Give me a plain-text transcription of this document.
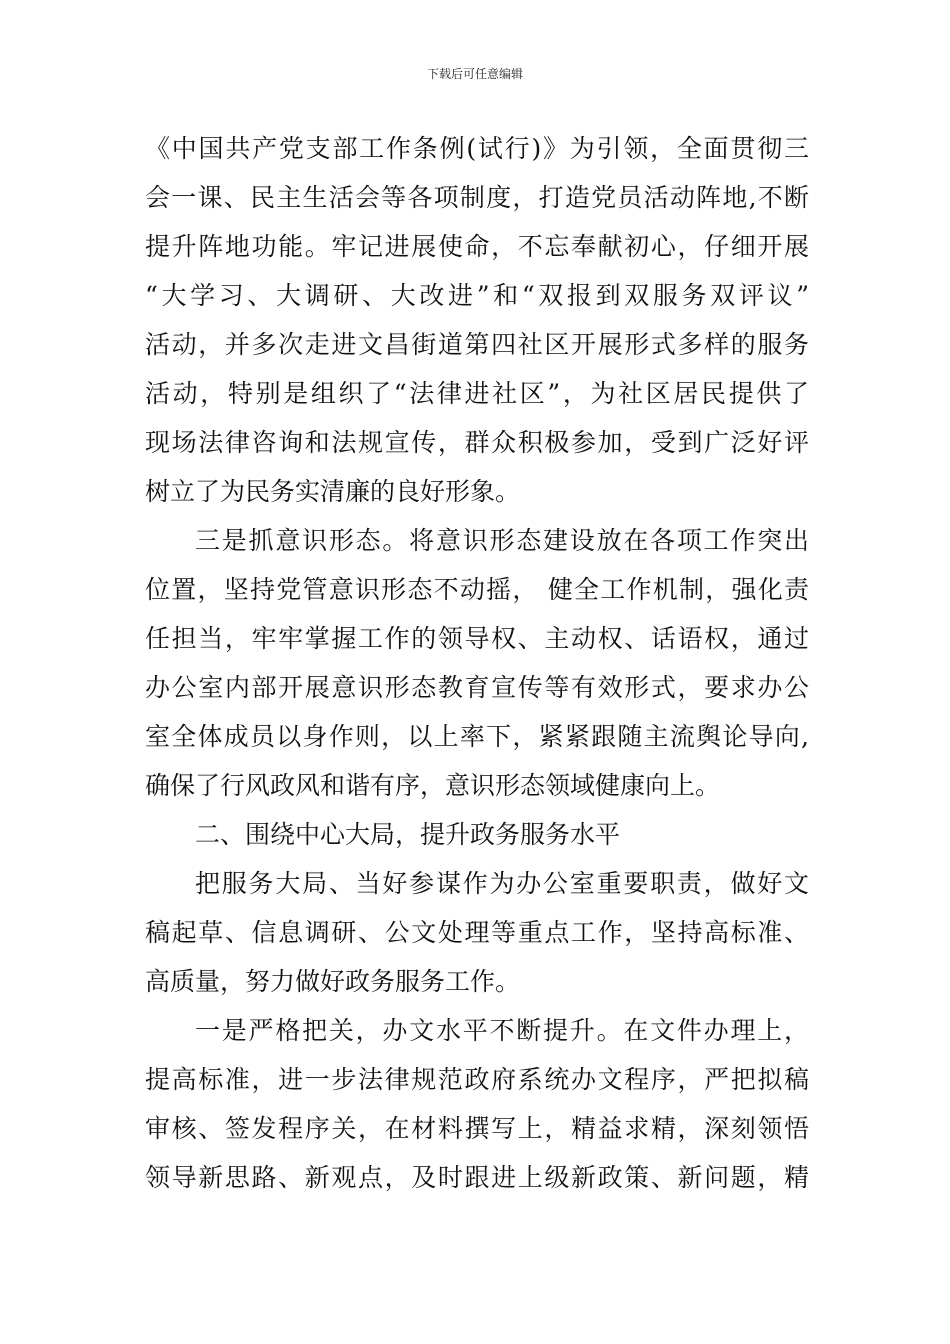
下载后可任意编辑
《中国共产党支部工作条例(试行)》为引领，全面贯彻三
会一课、民主生活会等各项制度，打造党员活动阵地,不断
提升阵地功能。牢记进展使命，不忘奉献初心，仔细开展
“大学习、大调研、大改进”和“双报到双服务双评议”
活动，并多次走进文昌街道第四社区开展形式多样的服务
活动，特别是组织了“法律进社区”，为社区居民提供了
现场法律咨询和法规宣传，群众积极参加，受到广泛好评
树立了为民务实清廉的良好形象。
三是抓意识形态。将意识形态建设放在各项工作突出
位置，坚持党管意识形态不动摇， 健全工作机制，强化责
任担当，牢牢掌握工作的领导权、主动权、话语权，通过
办公室内部开展意识形态教育宣传等有效形式，要求办公
室全体成员以身作则，以上率下，紧紧跟随主流舆论导向,
确保了行风政风和谐有序，意识形态领域健康向上。
二、围绕中心大局，提升政务服务水平
把服务大局、当好参谋作为办公室重要职责，做好文
稿起草、信息调研、公文处理等重点工作，坚持高标准、
高质量，努力做好政务服务工作。
一是严格把关，办文水平不断提升。在文件办理上，
提高标准，进一步法律规范政府系统办文程序，严把拟稿
审核、签发程序关，在材料撰写上，精益求精，深刻领悟
领导新思路、新观点，及时跟进上级新政策、新问题，精
